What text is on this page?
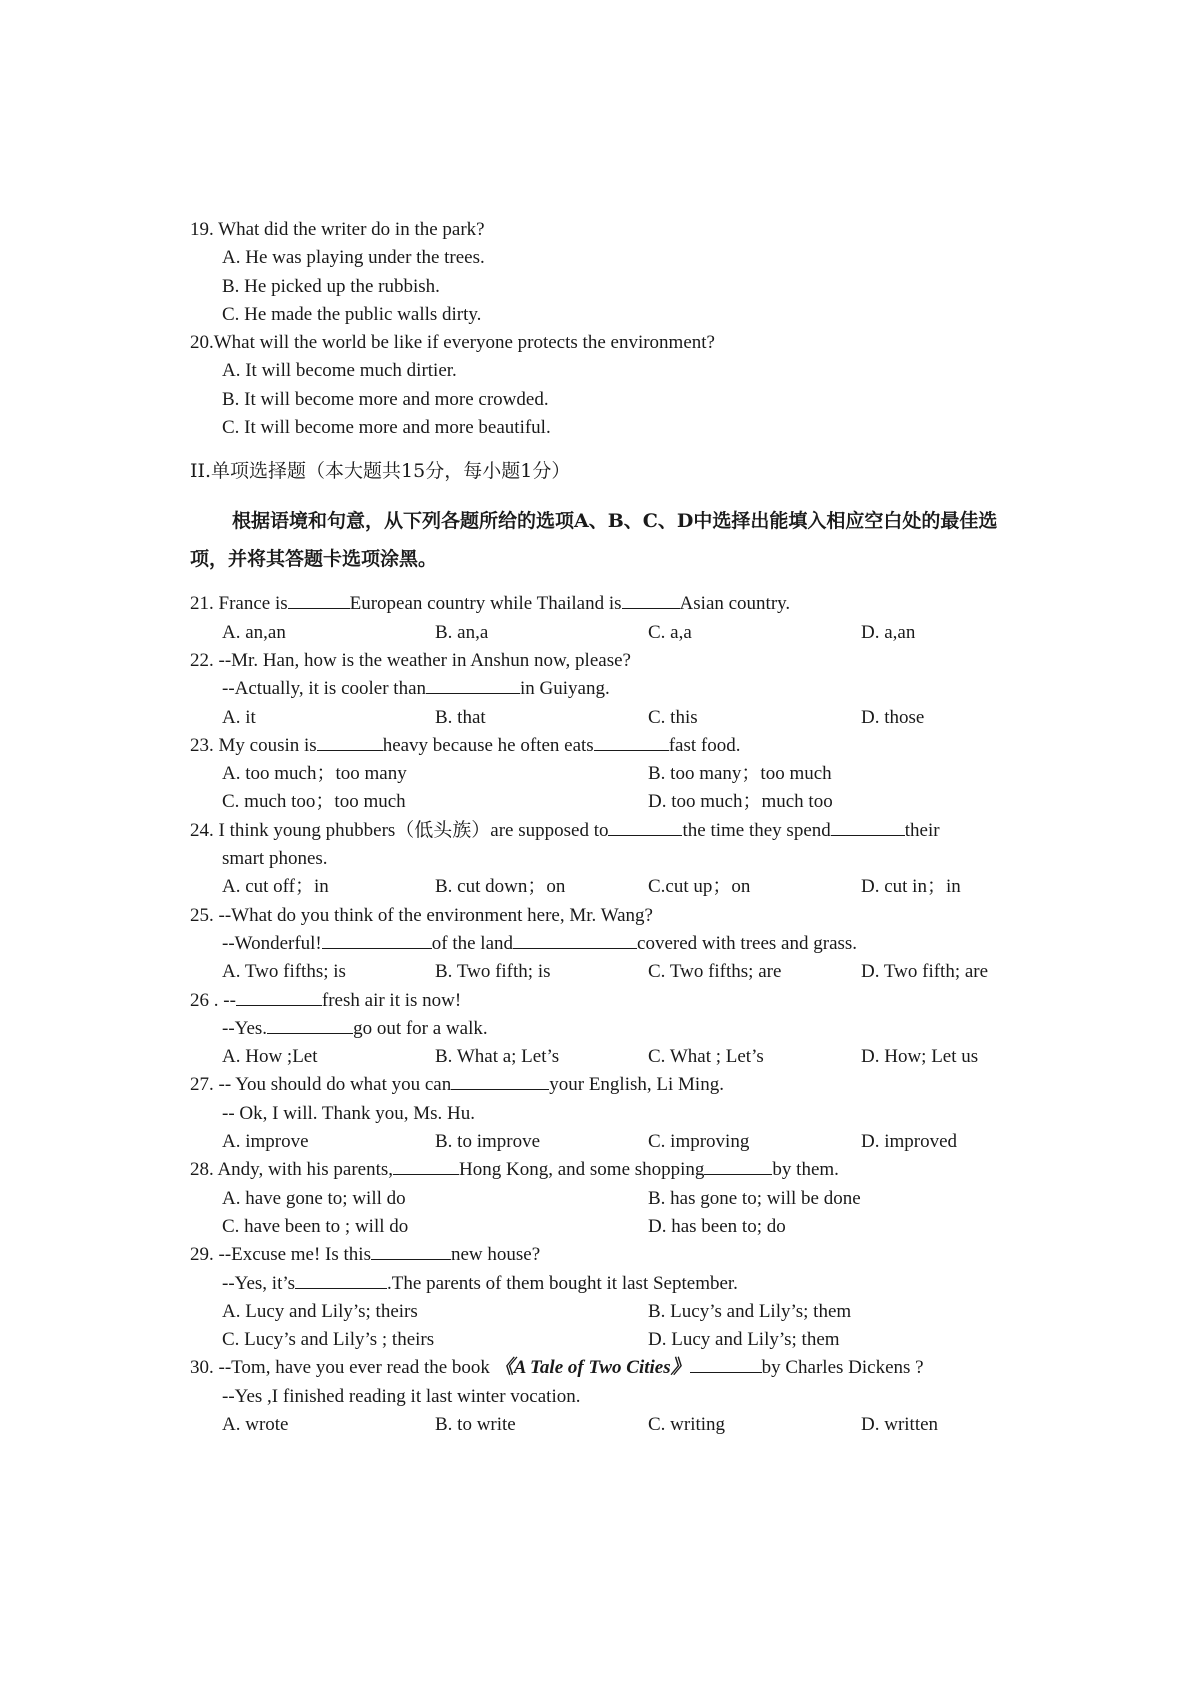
19. What did the writer do in the park?
A. He was playing under the trees.
B. He picked up the rubbish.
C. He made the public walls dirty.
20.What will the world be like if everyone protects the environment?
A. It will become much dirtier.
B. It will become more and more crowded.
C. It will become more and more beautiful.
II.单项选择题（本大题共15分，每小题1分）
根据语境和句意，从下列各题所给的选项A、B、C、D中选择出能填入相应空白处的最佳选项，并将其答题卡选项涂黑。
21. France is	European country while Thailand is	Asian country.
A. an,an	B. an,a	C. a,a	D. a,an
22. --Mr. Han, how is the weather in Anshun now, please?
--Actually, it is cooler than	in Guiyang.
A. it	B. that	C. this	D. those
23. My cousin is	heavy because he often eats	fast food.
A. too much；too many	B. too many；too much
C. much too；too much	D. too much；much too
24. I think young phubbers（低头族）are supposed to	the time they spend	their
smart phones.
A. cut off；in	B. cut down；on	C.cut up；on	D. cut in；in
25. --What do you think of the environment here, Mr. Wang?
--Wonderful!	of the land	covered with trees and grass.
A. Two fifths; is	B. Two fifth; is	C. Two fifths; are	D. Two fifth; are
26 . --	fresh air it is now!
--Yes.	go out for a walk.
A. How ;Let	B. What a; Let’s	C. What ; Let’s	D. How; Let us
27. -- You should do what you can	your English, Li Ming.
-- Ok, I will. Thank you, Ms. Hu.
A. improve	B. to improve	C. improving	D. improved
28. Andy, with his parents,	Hong Kong, and some shopping	by them.
A. have gone to; will do	B. has gone to; will be done
C. have been to ; will do	D. has been to; do
29. --Excuse me! Is this	new house?
--Yes, it’s	.The parents of them bought it last September.
A. Lucy and Lily’s; theirs	B. Lucy’s and Lily’s; them
C. Lucy’s and Lily’s ; theirs	D. Lucy and Lily’s; them
30. --Tom, have you ever read the book 《A Tale of Two Cities》	by Charles Dickens ?
--Yes ,I finished reading it last winter vocation.
A. wrote	B. to write	C. writing	D. written
